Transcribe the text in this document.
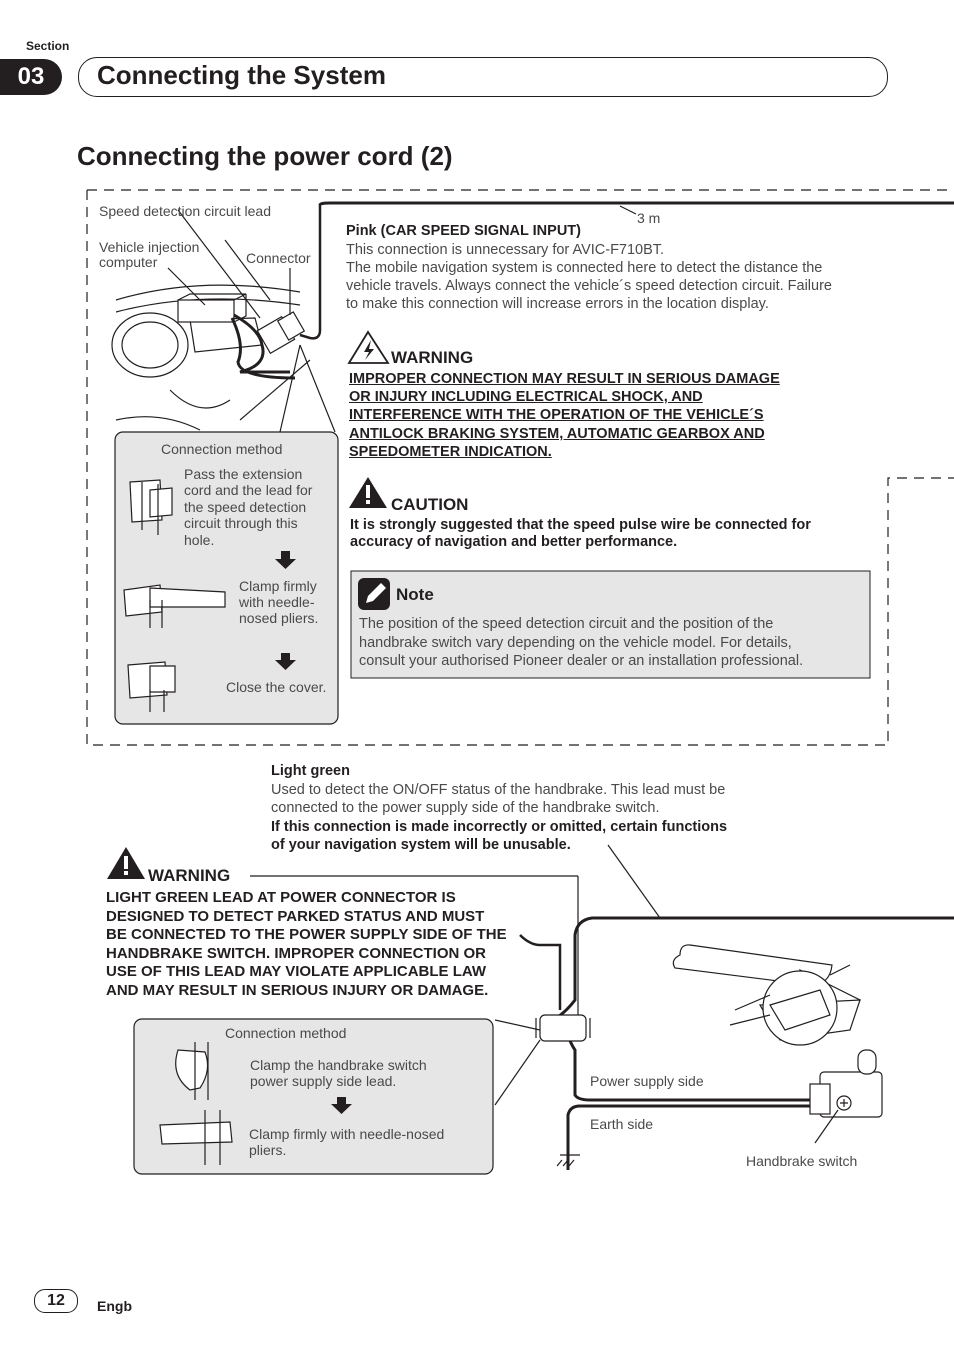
Section
03	Connecting the System
Connecting the power cord (2)
Speed detection circuit lead
Vehicle injection
computer	Connector
3 m
Pink (CAR SPEED SIGNAL INPUT)
This connection is unnecessary for AVIC-F710BT.
The mobile navigation system is connected here to detect the distance the
vehicle travels. Always connect the vehicle´s speed detection circuit. Failure
to make this connection will increase errors in the location display.
WARNING
IMPROPER CONNECTION MAY RESULT IN SERIOUS DAMAGE
OR INJURY INCLUDING ELECTRICAL SHOCK, AND
INTERFERENCE WITH THE OPERATION OF THE VEHICLE´S
ANTILOCK BRAKING SYSTEM, AUTOMATIC GEARBOX AND
SPEEDOMETER INDICATION.
CAUTION
It is strongly suggested that the speed pulse wire be connected for
accuracy of navigation and better performance.
Note
The position of the speed detection circuit and the position of the
handbrake switch vary depending on the vehicle model. For details,
consult your authorised Pioneer dealer or an installation professional.
Connection method
Pass the extension
cord and the lead for
the speed detection
circuit through this
hole.
Clamp firmly
with needle-
nosed pliers.
Close the cover.
Light green
Used to detect the ON/OFF status of the handbrake. This lead must be
connected to the power supply side of the handbrake switch.
If this connection is made incorrectly or omitted, certain functions
of your navigation system will be unusable.
WARNING
LIGHT GREEN LEAD AT POWER CONNECTOR IS
DESIGNED TO DETECT PARKED STATUS AND MUST
BE CONNECTED TO THE POWER SUPPLY SIDE OF THE
HANDBRAKE SWITCH. IMPROPER CONNECTION OR
USE OF THIS LEAD MAY VIOLATE APPLICABLE LAW
AND MAY RESULT IN SERIOUS INJURY OR DAMAGE.
Connection method
Clamp the handbrake switch
power supply side lead.
Clamp firmly with needle-nosed
pliers.
Power supply side
Earth side
Handbrake switch
12	Engb
